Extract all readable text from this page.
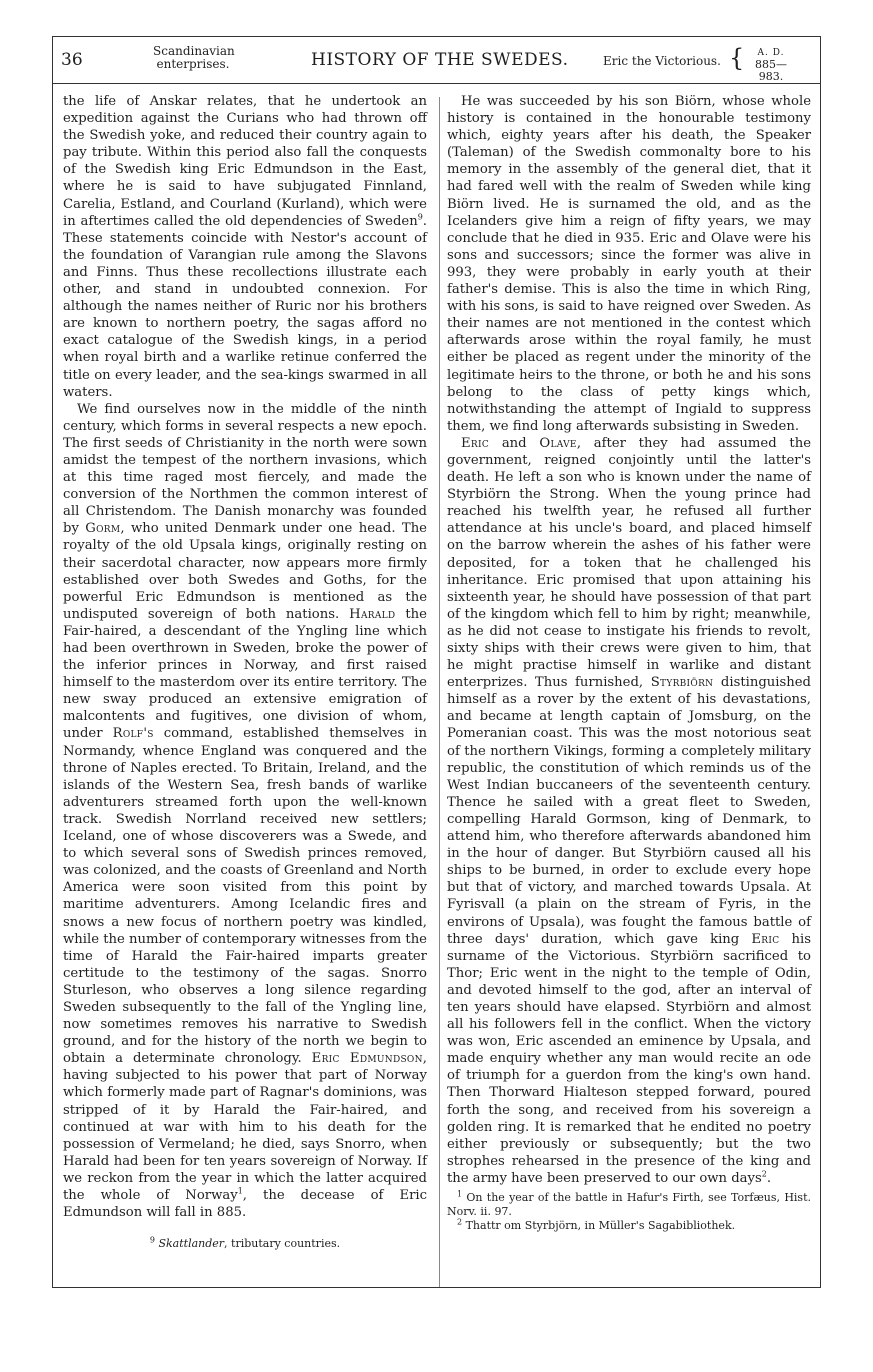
36	Scandinavian enterprises.	HISTORY OF THE SWEDES.	Eric the Victorious. {	A. D.
885—983.

the life of Anskar relates, that he undertook an expedition against the Curians who had thrown off the Swedish yoke, and reduced their country again to pay tribute. Within this period also fall the conquests of the Swedish king Eric Edmundson in the East, where he is said to have subjugated Finnland, Carelia, Estland, and Courland (Kurland), which were in aftertimes called the old dependencies of Sweden$^9$. These statements coincide with Nestor's account of the foundation of Varangian rule among the Slavons and Finns. Thus these recollections illustrate each other, and stand in undoubted connexion. For although the names neither of Ruric nor his brothers are known to northern poetry, the sagas afford no exact catalogue of the Swedish kings, in a period when royal birth and a warlike retinue conferred the title on every leader, and the sea-kings swarmed in all waters.

We find ourselves now in the middle of the ninth century, which forms in several respects a new epoch. The first seeds of Christianity in the north were sown amidst the tempest of the northern invasions, which at this time raged most fiercely, and made the conversion of the Northmen the common interest of all Christendom. The Danish monarchy was founded by Gorm, who united Denmark under one head. The royalty of the old Upsala kings, originally resting on their sacerdotal character, now appears more firmly established over both Swedes and Goths, for the powerful Eric Edmundson is mentioned as the undisputed sovereign of both nations. Harald the Fair-haired, a descendant of the Yngling line which had been overthrown in Sweden, broke the power of the inferior princes in Norway, and first raised himself to the masterdom over its entire territory. The new sway produced an extensive emigration of malcontents and fugitives, one division of whom, under Rolf's command, established themselves in Normandy, whence England was conquered and the throne of Naples erected. To Britain, Ireland, and the islands of the Western Sea, fresh bands of warlike adventurers streamed forth upon the well-known track. Swedish Norrland received new settlers; Iceland, one of whose discoverers was a Swede, and to which several sons of Swedish princes removed, was colonized, and the coasts of Greenland and North America were soon visited from this point by maritime adventurers. Among Icelandic fires and snows a new focus of northern poetry was kindled, while the number of contemporary witnesses from the time of Harald the Fair-haired imparts greater certitude to the testimony of the sagas. Snorro Sturleson, who observes a long silence regarding Sweden subsequently to the fall of the Yngling line, now sometimes removes his narrative to Swedish ground, and for the history of the north we begin to obtain a determinate chronology. Eric Edmundson, having subjected to his power that part of Norway which formerly made part of Ragnar's dominions, was stripped of it by Harald the Fair-haired, and continued at war with him to his death for the possession of Vermeland; he died, says Snorro, when Harald had been for ten years sovereign of Norway. If we reckon from the year in which the latter acquired the whole of Norway$^1$, the decease of Eric Edmundson will fall in 885.

$^9$ Skattlander, tributary countries.

He was succeeded by his son Biörn, whose whole history is contained in the honourable testimony which, eighty years after his death, the Speaker (Taleman) of the Swedish commonalty bore to his memory in the assembly of the general diet, that it had fared well with the realm of Sweden while king Biörn lived. He is surnamed the old, and as the Icelanders give him a reign of fifty years, we may conclude that he died in 935. Eric and Olave were his sons and successors; since the former was alive in 993, they were probably in early youth at their father's demise. This is also the time in which Ring, with his sons, is said to have reigned over Sweden. As their names are not mentioned in the contest which afterwards arose within the royal family, he must either be placed as regent under the minority of the legitimate heirs to the throne, or both he and his sons belong to the class of petty kings which, notwithstanding the attempt of Ingiald to suppress them, we find long afterwards subsisting in Sweden.

Eric and Olave, after they had assumed the government, reigned conjointly until the latter's death. He left a son who is known under the name of Styrbiörn the Strong. When the young prince had reached his twelfth year, he refused all further attendance at his uncle's board, and placed himself on the barrow wherein the ashes of his father were deposited, for a token that he challenged his inheritance. Eric promised that upon attaining his sixteenth year, he should have possession of that part of the kingdom which fell to him by right; meanwhile, as he did not cease to instigate his friends to revolt, sixty ships with their crews were given to him, that he might practise himself in warlike and distant enterprizes. Thus furnished, Styrbiörn distinguished himself as a rover by the extent of his devastations, and became at length captain of Jomsburg, on the Pomeranian coast. This was the most notorious seat of the northern Vikings, forming a completely military republic, the constitution of which reminds us of the West Indian buccaneers of the seventeenth century. Thence he sailed with a great fleet to Sweden, compelling Harald Gormson, king of Denmark, to attend him, who therefore afterwards abandoned him in the hour of danger. But Styrbiörn caused all his ships to be burned, in order to exclude every hope but that of victory, and marched towards Upsala. At Fyrisvall (a plain on the stream of Fyris, in the environs of Upsala), was fought the famous battle of three days' duration, which gave king Eric his surname of the Victorious. Styrbiörn sacrificed to Thor; Eric went in the night to the temple of Odin, and devoted himself to the god, after an interval of ten years should have elapsed. Styrbiörn and almost all his followers fell in the conflict. When the victory was won, Eric ascended an eminence by Upsala, and made enquiry whether any man would recite an ode of triumph for a guerdon from the king's own hand. Then Thorward Hialteson stepped forward, poured forth the song, and received from his sovereign a golden ring. It is remarked that he endited no poetry either previously or subsequently; but the two strophes rehearsed in the presence of the king and the army have been preserved to our own days$^2$.

$^1$ On the year of the battle in Hafur's Firth, see Torfæus, Hist. Norv. ii. 97.

$^2$ Thattr om Styrbjörn, in Müller's Sagabibliothek.
